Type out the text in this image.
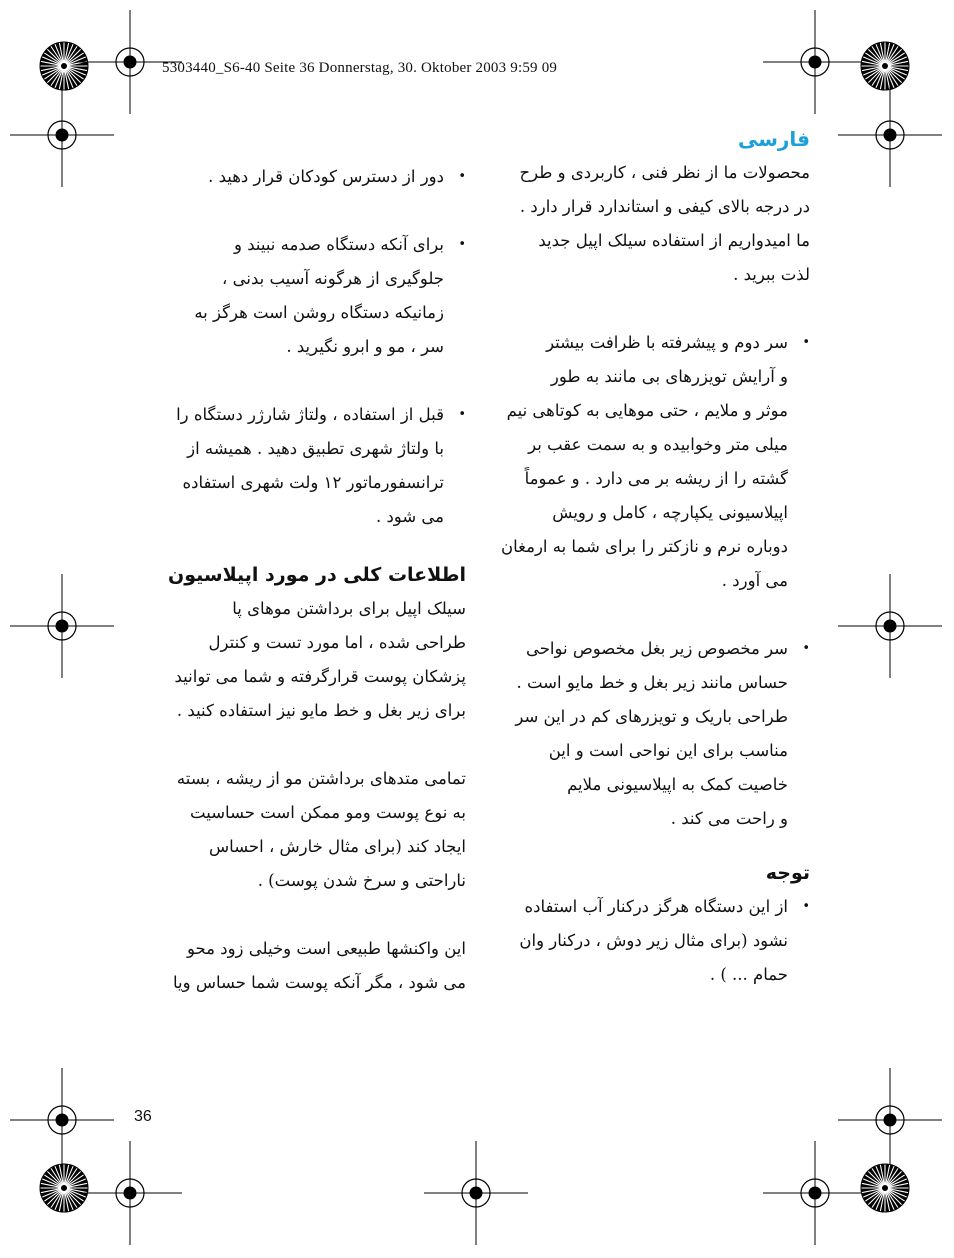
5303440_S6-40 Seite 36 Donnerstag, 30. Oktober 2003 9:59 09
فارسی

محصولات ما از نظر فنی ، کاربردی و طرح

در درجه بالای کیفی و استاندارد قرار دارد .

ما امیدواریم از استفاده سیلک اپیل جدید

لذت ببرید .

•

سر دوم و پیشرفته با ظرافت بیشتر

و آرایش تویزرهای بی مانند به طور

موثر و ملایم ، حتی موهایی به کوتاهی نیم

میلی متر وخوابیده و به سمت عقب بر

گشته را از ریشه بر می دارد . و عموماً

اپیلاسیونی یکپارچه ، کامل و رویش

دوباره نرم و نازکتر را برای شما به ارمغان

می آورد .

•

سر مخصوص زیر بغل مخصوص نواحی

حساس مانند زیر بغل و خط مایو است .

طراحی باریک و تویزرهای کم در این سر

مناسب برای این نواحی است و این

خاصیت کمک به اپیلاسیونی ملایم

و راحت می کند .

توجه
•

از این دستگاه هرگز درکنار آب استفاده

نشود (برای مثال زیر دوش ، درکنار وان

حمام ... ) .

•

دور از دسترس کودکان قرار دهید .

•

برای آنکه دستگاه صدمه نبیند و

جلوگیری از هرگونه آسیب بدنی ،

زمانیکه دستگاه روشن است هرگز به

سر ، مو و ابرو نگیرید .

•

قبل از استفاده ، ولتاژ شارژر دستگاه را

با ولتاژ شهری تطبیق دهید . همیشه از

ترانسفورماتور ۱۲ ولت شهری استفاده

می شود .

اطلاعات کلی در مورد اپیلاسیون

سیلک اپیل برای برداشتن موهای پا

طراحی شده ، اما مورد تست و کنترل

پزشکان پوست قرارگرفته و شما می توانید

برای زیر بغل و خط مایو نیز استفاده کنید .

تمامی متدهای برداشتن مو از ریشه ، بسته

به نوع پوست ومو ممکن است حساسیت

ایجاد کند (برای مثال خارش ، احساس

ناراحتی و سرخ شدن پوست) .

این واکنشها طبیعی است وخیلی زود محو

می شود ، مگر آنکه پوست شما حساس ویا

36
